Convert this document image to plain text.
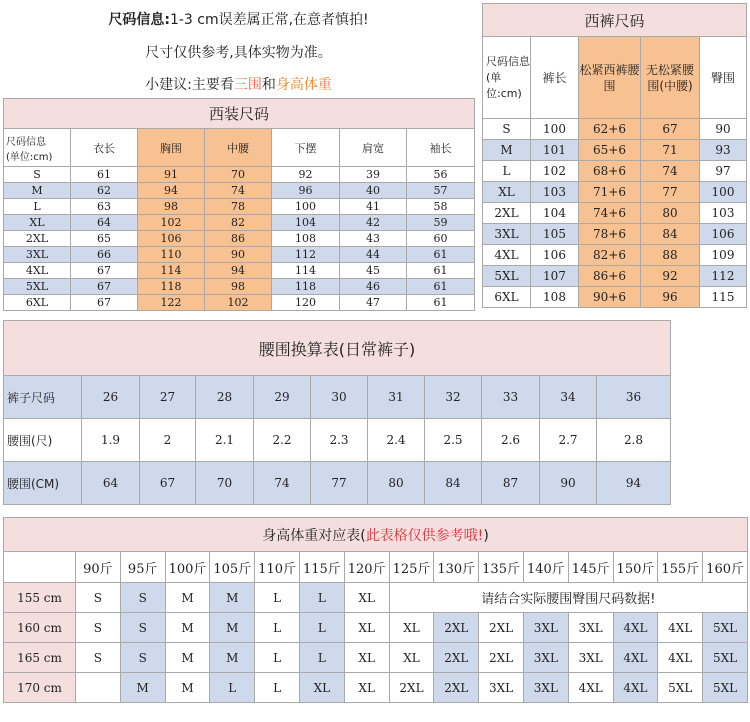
尺码信息:1-3 cm误差属正常,在意者慎拍!
尺寸仅供参考,具体实物为准。
小建议:主要看三围和身高体重
西装尺码						
尺码信息
(单位:cm)	衣长	胸围	中腰	下摆	肩宽	袖长
S	61	91	70	92	39	56
M	62	94	74	96	40	57
L	63	98	78	100	41	58
XL	64	102	82	104	42	59
2XL	65	106	86	108	43	60
3XL	66	110	90	112	44	61
4XL	67	114	94	114	45	61
5XL	67	118	98	118	46	61
6XL	67	122	102	120	47	61
西裤尺码				
尺码信息(单位:cm)	裤长	松紧西裤腰围	无松紧腰围(中腰)	臀围
S	100	62+6	67	90
M	101	65+6	71	93
L	102	68+6	74	97
XL	103	71+6	77	100
2XL	104	74+6	80	103
3XL	105	78+6	84	106
4XL	106	82+6	88	109
5XL	107	86+6	92	112
6XL	108	90+6	96	115
腰围换算表(日常裤子)										
裤子尺码	26	27	28	29	30	31	32	33	34	36
腰围(尺)	1.9	2	2.1	2.2	2.3	2.4	2.5	2.6	2.7	2.8
腰围(CM)	64	67	70	74	77	80	84	87	90	94
身高体重对应表(此表格仅供参考哦!)															
	90斤	95斤	100斤	105斤	110斤	115斤	120斤	125斤	130斤	135斤	140斤	145斤	150斤	155斤	160斤
155 cm	S	S	M	M	L	L	XL	请结合实际腰围臀围尺码数据!							
160 cm	S	S	M	M	L	L	XL	XL	2XL	2XL	3XL	3XL	4XL	4XL	5XL
165 cm	S	S	M	M	L	L	XL	XL	2XL	2XL	3XL	3XL	4XL	4XL	5XL
170 cm		M	M	L	L	XL	XL	2XL	2XL	3XL	3XL	4XL	4XL	5XL	5XL
